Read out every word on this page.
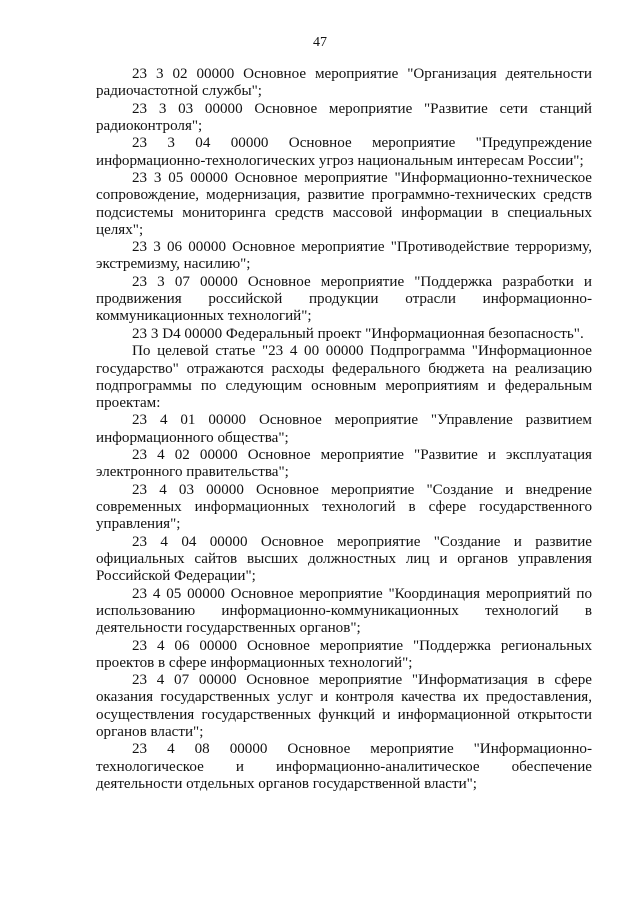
47

23 3 02 00000 Основное мероприятие "Организация деятельности радиочастотной службы";

23 3 03 00000 Основное мероприятие "Развитие сети станций радиоконтроля";

23 3 04 00000 Основное мероприятие "Предупреждение информационно-технологических угроз национальным интересам России";

23 3 05 00000 Основное мероприятие "Информационно-техническое сопровождение, модернизация, развитие программно-технических средств подсистемы мониторинга средств массовой информации в специальных целях";

23 3 06 00000 Основное мероприятие "Противодействие терроризму, экстремизму, насилию";

23 3 07 00000 Основное мероприятие "Поддержка разработки и продвижения российской продукции отрасли информационно-коммуникационных технологий";

23 3 D4 00000 Федеральный проект "Информационная безопасность".

По целевой статье "23 4 00 00000 Подпрограмма "Информационное государство" отражаются расходы федерального бюджета на реализацию подпрограммы по следующим основным мероприятиям и федеральным проектам:

23 4 01 00000 Основное мероприятие "Управление развитием информационного общества";

23 4 02 00000 Основное мероприятие "Развитие и эксплуатация электронного правительства";

23 4 03 00000 Основное мероприятие "Создание и внедрение современных информационных технологий в сфере государственного управления";

23 4 04 00000 Основное мероприятие "Создание и развитие официальных сайтов высших должностных лиц и органов управления Российской Федерации";

23 4 05 00000 Основное мероприятие "Координация мероприятий по использованию информационно-коммуникационных технологий в деятельности государственных органов";

23 4 06 00000 Основное мероприятие "Поддержка региональных проектов в сфере информационных технологий";

23 4 07 00000 Основное мероприятие "Информатизация в сфере оказания государственных услуг и контроля качества их предоставления, осуществления государственных функций и информационной открытости органов власти";

23 4 08 00000 Основное мероприятие "Информационно-технологическое и информационно-аналитическое обеспечение деятельности отдельных органов государственной власти";
